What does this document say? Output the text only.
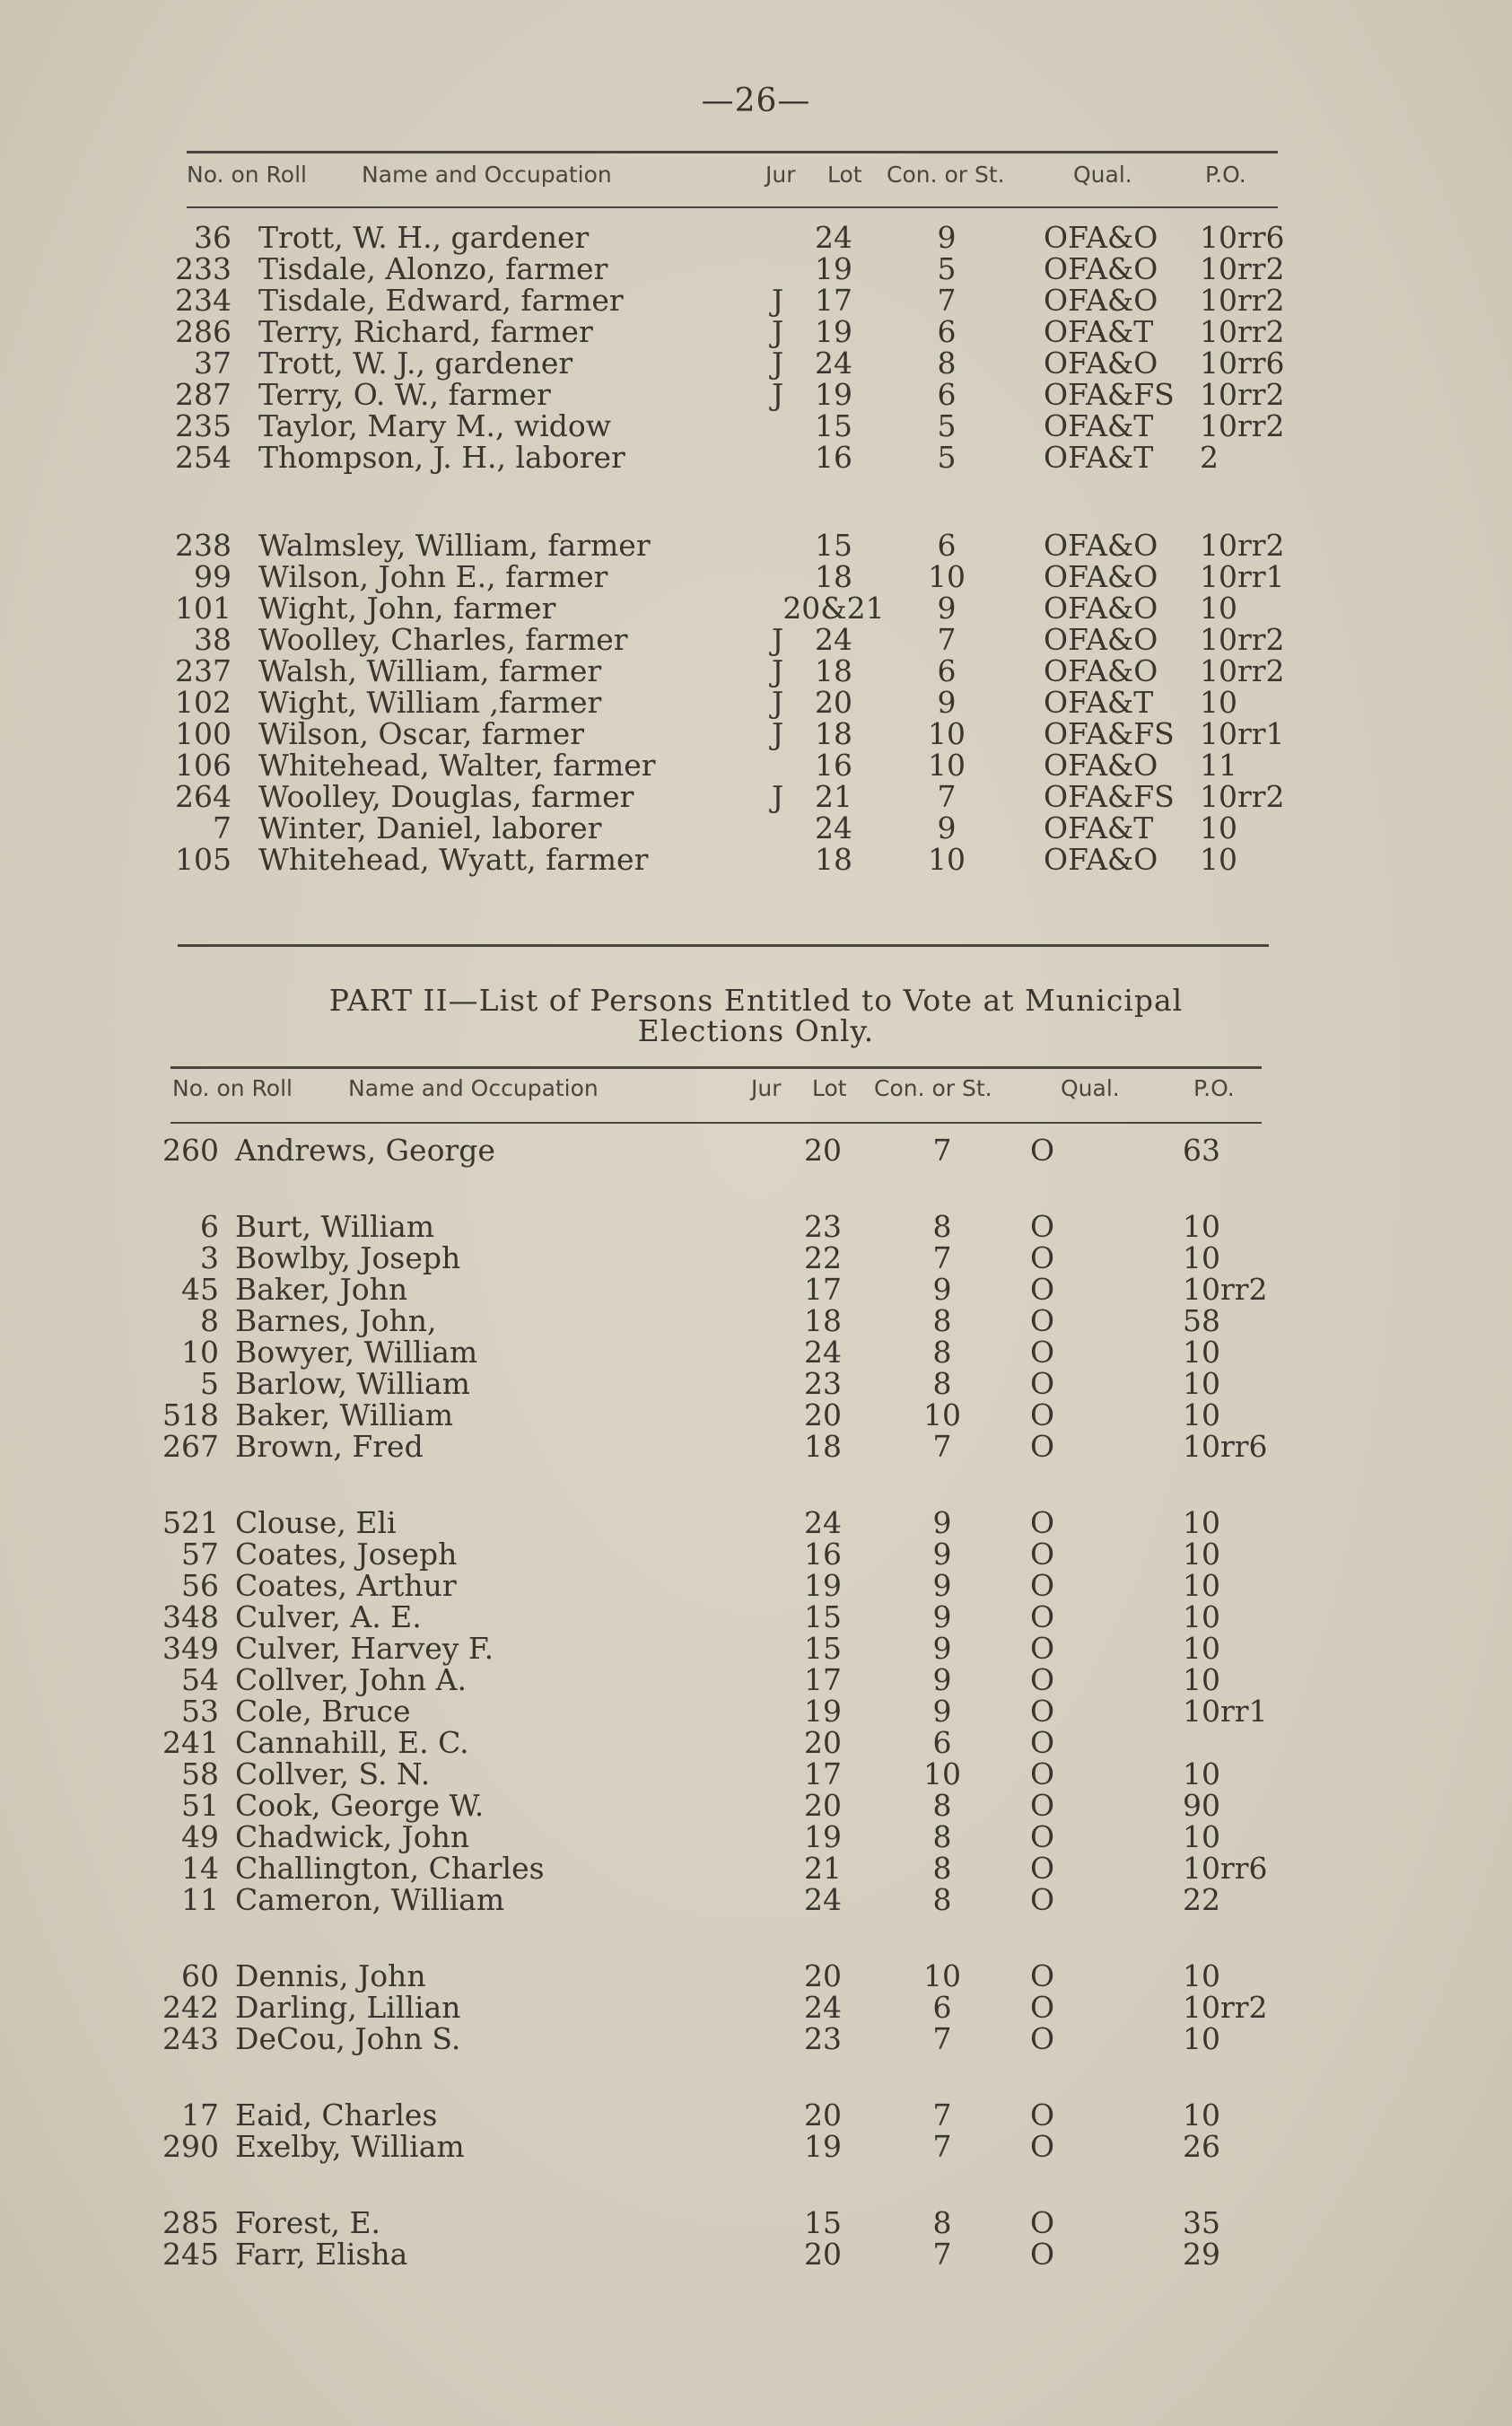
—26—
No. on Roll Name and Occupation	Jur Lot Con. or St.	Qual.	P.O.
36 Trott, W. H., gardener	24	9	OFA&O 10rr6
233 Tisdale, Alonzo, farmer	19	5	OFA&O 10rr2
234 Tisdale, Edward, farmer	J	17	7	OFA&O 10rr2
286 Terry, Richard, farmer	J	19	6	OFA&T 10rr2
37 Trott, W. J., gardener	J	24	8	OFA&O 10rr6
287 Terry, O. W., farmer	J	19	6	OFA&FS 10rr2
235 Taylor, Mary M., widow	15	5	OFA&T 10rr2
254 Thompson, J. H., laborer	16	5	OFA&T 2
238 Walmsley, William, farmer	15	6	OFA&O 10rr2
99 Wilson, John E., farmer	18	10	OFA&O 10rr1
101 Wight, John, farmer	20&21	9	OFA&O 10
38 Woolley, Charles, farmer	J	24	7	OFA&O 10rr2
237 Walsh, William, farmer	J	18	6	OFA&O 10rr2
102 Wight, William ,farmer	J	20	9	OFA&T 10
100 Wilson, Oscar, farmer	J	18	10	OFA&FS 10rr1
106 Whitehead, Walter, farmer	16	10	OFA&O 11
264 Woolley, Douglas, farmer	J	21	7	OFA&FS 10rr2
7 Winter, Daniel, laborer	24	9	OFA&T 10
105 Whitehead, Wyatt, farmer	18	10	OFA&O 10
PART II—List of Persons Entitled to Vote at Municipal
Elections Only.
No. on Roll Name and Occupation	Jur Lot Con. or St.	Qual.	P.O.
260 Andrews, George	20	7	O	63
6 Burt, William	23	8	O	10
3 Bowlby, Joseph	22	7	O	10
45 Baker, John	17	9	O	10rr2
8 Barnes, John,	18	8	O	58
10 Bowyer, William	24	8	O	10
5 Barlow, William	23	8	O	10
518 Baker, William	20	10	O	10
267 Brown, Fred	18	7	O	10rr6
521 Clouse, Eli	24	9	O	10
57 Coates, Joseph	16	9	O	10
56 Coates, Arthur	19	9	O	10
348 Culver, A. E.	15	9	O	10
349 Culver, Harvey F.	15	9	O	10
54 Collver, John A.	17	9	O	10
53 Cole, Bruce	19	9	O	10rr1
241 Cannahill, E. C.	20	6	O
58 Collver, S. N.	17	10	O	10
51 Cook, George W.	20	8	O	90
49 Chadwick, John	19	8	O	10
14 Challington, Charles	21	8	O	10rr6
11 Cameron, William	24	8	O	22
60 Dennis, John	20	10	O	10
242 Darling, Lillian	24	6	O	10rr2
243 DeCou, John S.	23	7	O	10
17 Eaid, Charles	20	7	O	10
290 Exelby, William	19	7	O	26
285 Forest, E.	15	8	O	35
245 Farr, Elisha	20	7	O	29
